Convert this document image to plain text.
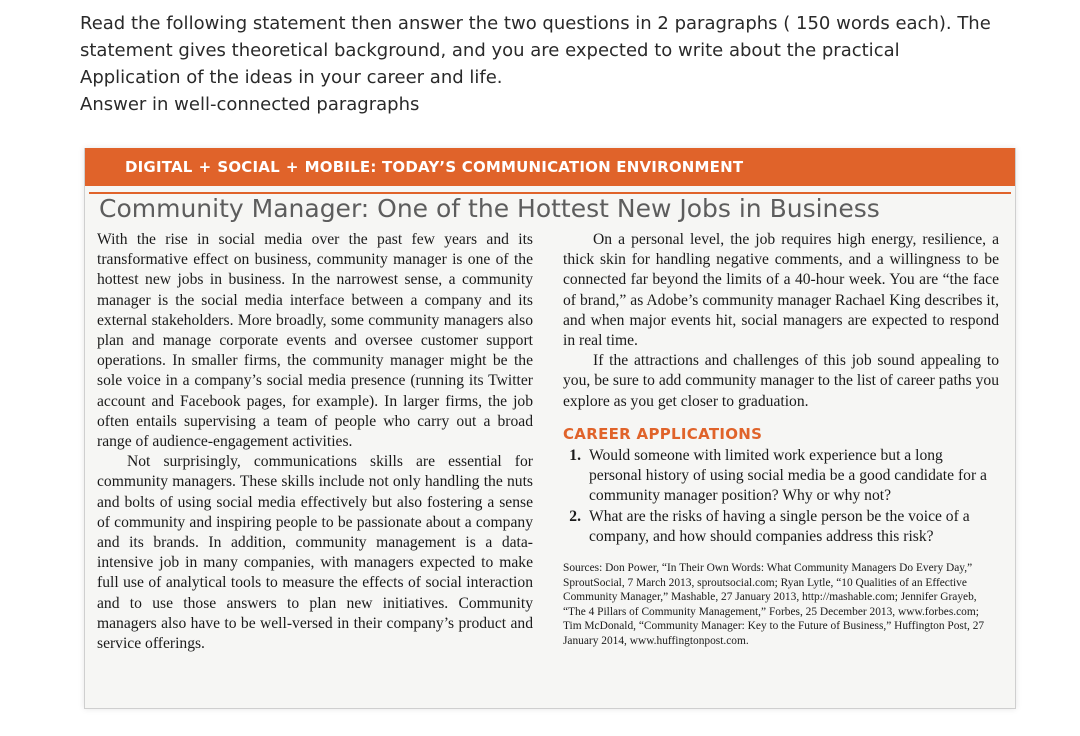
Read the following statement then answer the two questions in 2 paragraphs ( 150 words each). The
statement gives theoretical background, and you are expected to write about the practical
Application of the ideas in your career and life.
Answer in well-connected paragraphs
DIGITAL + SOCIAL + MOBILE: TODAY’S COMMUNICATION ENVIRONMENT
Community Manager: One of the Hottest New Jobs in Business

With the rise in social media over the past few years and its transformative effect on business, community manager is one of the hottest new jobs in business. In the narrowest sense, a community manager is the social media interface between a company and its external stakeholders. More broadly, some community managers also plan and manage corporate events and oversee customer support operations. In smaller firms, the community manager might be the sole voice in a company’s social media presence (running its Twitter account and Facebook pages, for example). In larger firms, the job often entails supervising a team of people who carry out a broad range of audience-engagement activities.

Not surprisingly, communications skills are essential for community managers. These skills include not only handling the nuts and bolts of using social media effectively but also fostering a sense of community and inspiring people to be passionate about a company and its brands. In addition, community management is a data-intensive job in many companies, with managers expected to make full use of analytical tools to measure the effects of social interaction and to use those answers to plan new initiatives. Community managers also have to be well-versed in their company’s product and service offerings.

On a personal level, the job requires high energy, resilience, a thick skin for handling negative comments, and a willingness to be connected far beyond the limits of a 40-hour week. You are “the face of brand,” as Adobe’s community manager Rachael King describes it, and when major events hit, social managers are expected to respond in real time.

If the attractions and challenges of this job sound appealing to you, be sure to add community manager to the list of career paths you explore as you get closer to graduation.

CAREER APPLICATIONS
1. Would someone with limited work experience but a long personal history of using social media be a good candidate for a community manager position? Why or why not?
2. What are the risks of having a single person be the voice of a company, and how should companies address this risk?
Sources: Don Power, “In Their Own Words: What Community Managers Do Every Day,” SproutSocial, 7 March 2013, sproutsocial.com; Ryan Lytle, “10 Qualities of an Effective Community Manager,” Mashable, 27 January 2013, http://mashable.com; Jennifer Grayeb, “The 4 Pillars of Community Management,” Forbes, 25 December 2013, www.forbes.com; Tim McDonald, “Community Manager: Key to the Future of Business,” Huffington Post, 27 January 2014, www.huffingtonpost.com.
